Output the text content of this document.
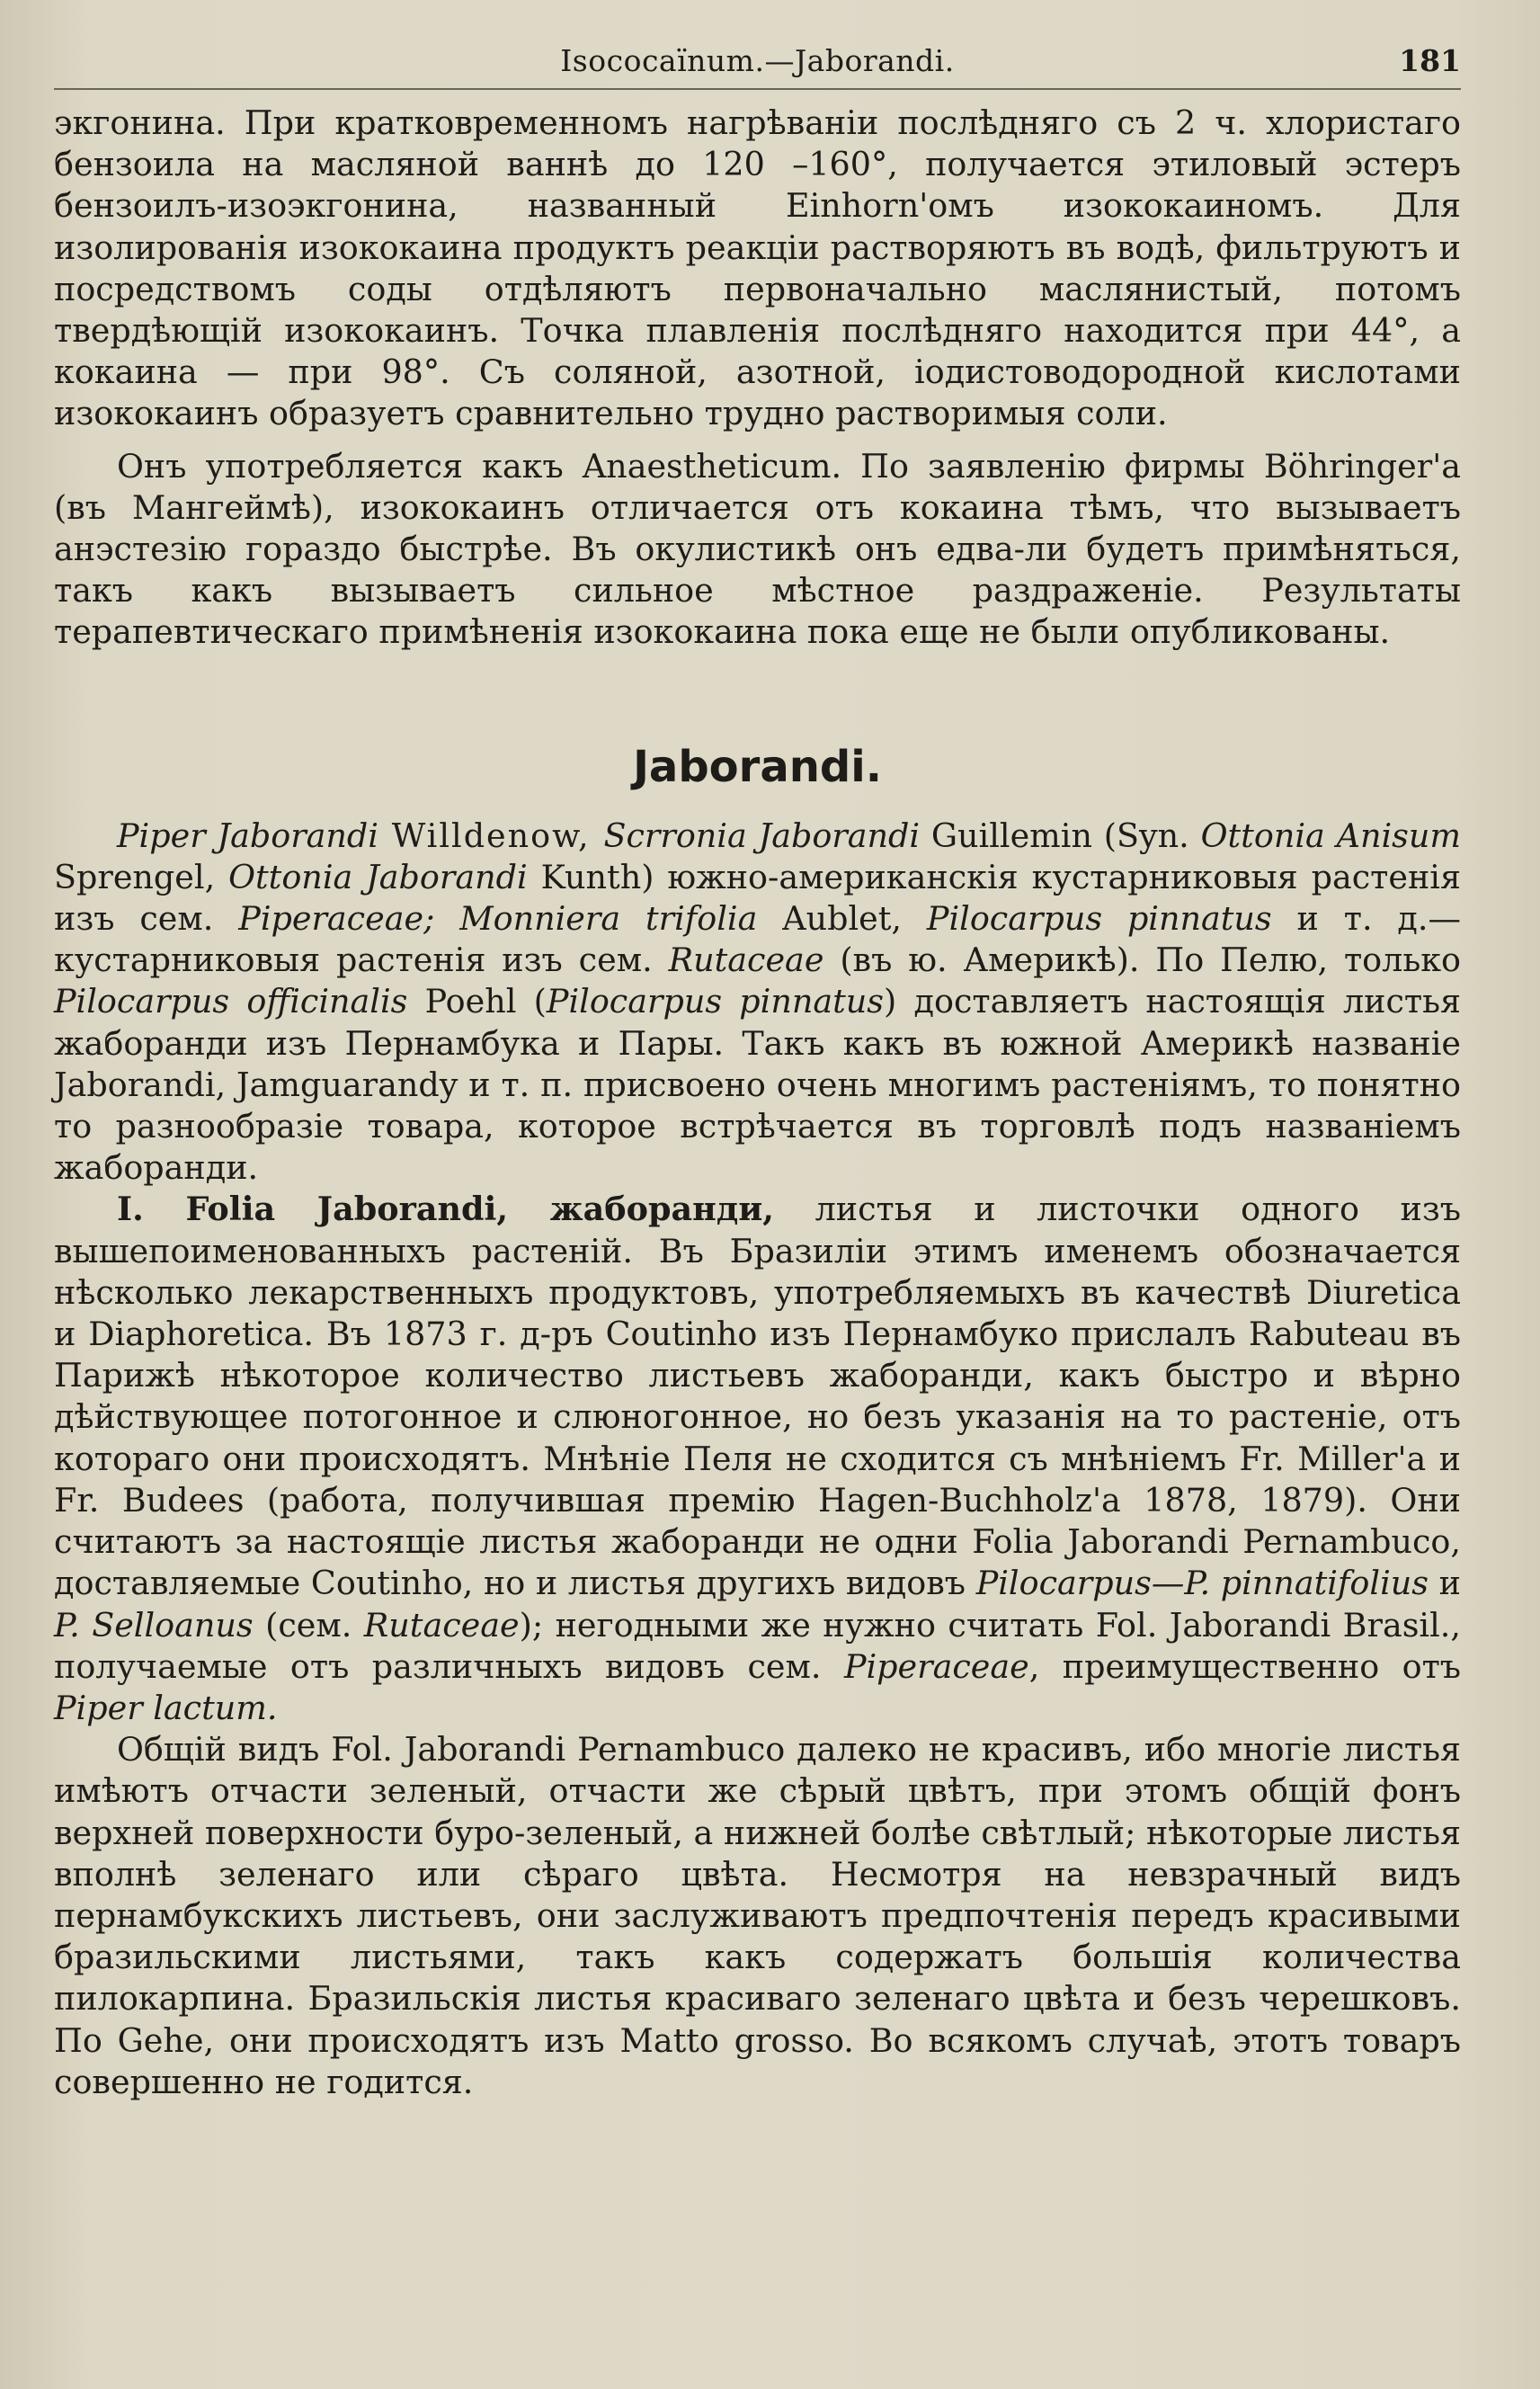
Isococaïnum.—Jaborandi.	181

экгонина. При кратковременномъ нагрѣваніи послѣдняго съ 2 ч. хлористаго бензоила на масляной ваннѣ до 120 –160°, получается этиловый эстеръ бензоилъ-изоэкгонина, названный Einhorn'омъ изококаиномъ. Для изолированія изококаина продуктъ реакціи растворяютъ въ водѣ, фильтруютъ и посредствомъ соды отдѣляютъ первоначально маслянистый, потомъ твердѣющій изококаинъ. Точка плавленія послѣдняго находится при 44°, а кокаина — при 98°. Съ соляной, азотной, іодистоводородной кислотами изококаинъ образуетъ сравнительно трудно растворимыя соли.

Онъ употребляется какъ Anaestheticum. По заявленію фирмы Böhringer'a (въ Мангеймѣ), изококаинъ отличается отъ кокаина тѣмъ, что вызываетъ анэстезію гораздо быстрѣе. Въ окулистикѣ онъ едва-ли будетъ примѣняться, такъ какъ вызываетъ сильное мѣстное раздраженіе. Результаты терапевтическаго примѣненія изококаина пока еще не были опубликованы.

Jaborandi.

Piper Jaborandi Willdenow, Scrronia Jaborandi Guillemin (Syn. Ottonia Anisum Sprengel, Ottonia Jaborandi Kunth) южно-американскія кустарниковыя растенія изъ сем. Piperaceae; Monniera trifolia Aublet, Pilocarpus pinnatus и т. д.—кустарниковыя растенія изъ сем. Rutaceae (въ ю. Америкѣ). По Пелю, только Pilocarpus officinalis Poehl (Pilocarpus pinnatus) доставляетъ настоящія листья жаборанди изъ Пернамбука и Пары. Такъ какъ въ южной Америкѣ названіе Jaborandi, Jamguarandy и т. п. присвоено очень многимъ растеніямъ, то понятно то разнообразіе товара, которое встрѣчается въ торговлѣ подъ названіемъ жаборанди.

I. Folia Jaborandi, жаборанди, листья и листочки одного изъ вышепоименованныхъ растеній. Въ Бразиліи этимъ именемъ обозначается нѣсколько лекарственныхъ продуктовъ, употребляемыхъ въ качествѣ Diuretica и Diaphoretica. Въ 1873 г. д-ръ Coutinho изъ Пернамбуко прислалъ Rabuteau въ Парижѣ нѣкоторое количество листьевъ жаборанди, какъ быстро и вѣрно дѣйствующее потогонное и слюногонное, но безъ указанія на то растеніе, отъ котораго они происходятъ. Мнѣніе Пеля не сходится съ мнѣніемъ Fr. Miller'a и Fr. Budees (работа, получившая премію Hagen-Buchholz'a 1878, 1879). Они считаютъ за настоящіе листья жаборанди не одни Folia Jaborandi Pernambuco, доставляемые Coutinho, но и листья другихъ видовъ Pilocarpus—P. pinnatifolius и P. Selloanus (сем. Rutaceae); негодными же нужно считать Fol. Jaborandi Brasil., получаемые отъ различныхъ видовъ сем. Piperaceae, преимущественно отъ Piper lactum.

Общій видъ Fol. Jaborandi Pernambuco далеко не красивъ, ибо многіе листья имѣютъ отчасти зеленый, отчасти же сѣрый цвѣтъ, при этомъ общій фонъ верхней поверхности буро-зеленый, а нижней болѣе свѣтлый; нѣкоторые листья вполнѣ зеленаго или сѣраго цвѣта. Несмотря на невзрачный видъ пернамбукскихъ листьевъ, они заслуживаютъ предпочтенія передъ красивыми бразильскими листьями, такъ какъ содержатъ большія количества пилокарпина. Бразильскія листья красиваго зеленаго цвѣта и безъ черешковъ. По Gehe, они происходятъ изъ Matto grosso. Во всякомъ случаѣ, этотъ товаръ совершенно не годится.
